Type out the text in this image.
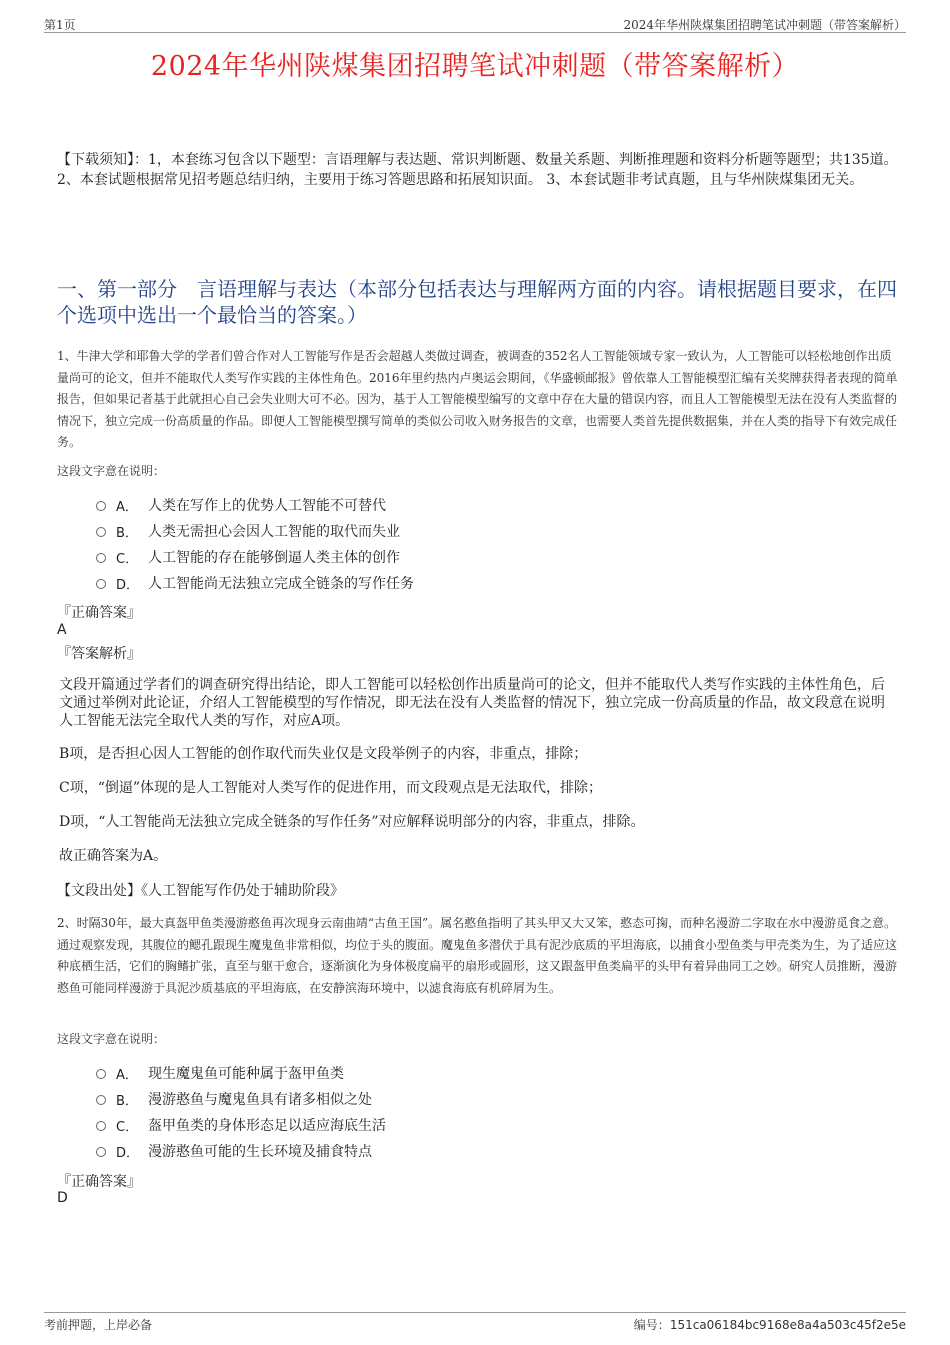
第1页	2024年华州陕煤集团招聘笔试冲刺题（带答案解析）
2024年华州陕煤集团招聘笔试冲刺题（带答案解析）
【下载须知】：1，本套练习包含以下题型：言语理解与表达题、常识判断题、数量关系题、判断推理题和资料分析题等题型；共135道。 2、本套试题根据常见招考题总结归纳，主要用于练习答题思路和拓展知识面。 3、本套试题非考试真题，且与华州陕煤集团无关。
一、第一部分　言语理解与表达（本部分包括表达与理解两方面的内容。请根据题目要求，在四个选项中选出一个最恰当的答案。）
1、牛津大学和耶鲁大学的学者们曾合作对人工智能写作是否会超越人类做过调查，被调查的352名人工智能领域专家一致认为，人工智能可以轻松地创作出质量尚可的论文，但并不能取代人类写作实践的主体性角色。2016年里约热内卢奥运会期间，《华盛顿邮报》曾依靠人工智能模型汇编有关奖牌获得者表现的简单报告，但如果记者基于此就担心自己会失业则大可不必。因为，基于人工智能模型编写的文章中存在大量的错误内容，而且人工智能模型无法在没有人类监督的情况下，独立完成一份高质量的作品。即便人工智能模型撰写简单的类似公司收入财务报告的文章，也需要人类首先提供数据集，并在人类的指导下有效完成任务。
这段文字意在说明：
A． 人类在写作上的优势人工智能不可替代
B． 人类无需担心会因人工智能的取代而失业
C． 人工智能的存在能够倒逼人类主体的创作
D． 人工智能尚无法独立完成全链条的写作任务
『正确答案』
A
『答案解析』
文段开篇通过学者们的调查研究得出结论，即人工智能可以轻松创作出质量尚可的论文，但并不能取代人类写作实践的主体性角色，后文通过举例对此论证，介绍人工智能模型的写作情况，即无法在没有人类监督的情况下，独立完成一份高质量的作品，故文段意在说明人工智能无法完全取代人类的写作，对应A项。
B项，是否担心因人工智能的创作取代而失业仅是文段举例子的内容，非重点，排除；
C项，“倒逼”体现的是人工智能对人类写作的促进作用，而文段观点是无法取代，排除；
D项，“人工智能尚无法独立完成全链条的写作任务”对应解释说明部分的内容，非重点，排除。
故正确答案为A。
【文段出处】《人工智能写作仍处于辅助阶段》
2、时隔30年，最大真盔甲鱼类漫游憨鱼再次现身云南曲靖“古鱼王国”。属名憨鱼指明了其头甲又大又笨，憨态可掬，而种名漫游二字取在水中漫游觅食之意。通过观察发现，其腹位的鳃孔跟现生魔鬼鱼非常相似，均位于头的腹面。魔鬼鱼多潜伏于具有泥沙底质的平坦海底，以捕食小型鱼类与甲壳类为生，为了适应这种底栖生活，它们的胸鳍扩张，直至与躯干愈合，逐渐演化为身体极度扁平的扇形或圆形，这又跟盔甲鱼类扁平的头甲有着异曲同工之妙。研究人员推断，漫游憨鱼可能同样漫游于具泥沙质基底的平坦海底，在安静滨海环境中，以滤食海底有机碎屑为生。
这段文字意在说明：
A． 现生魔鬼鱼可能种属于盔甲鱼类
B． 漫游憨鱼与魔鬼鱼具有诸多相似之处
C． 盔甲鱼类的身体形态足以适应海底生活
D． 漫游憨鱼可能的生长环境及捕食特点
『正确答案』
D
考前押题，上岸必备	编号：151ca06184bc9168e8a4a503c45f2e5e
